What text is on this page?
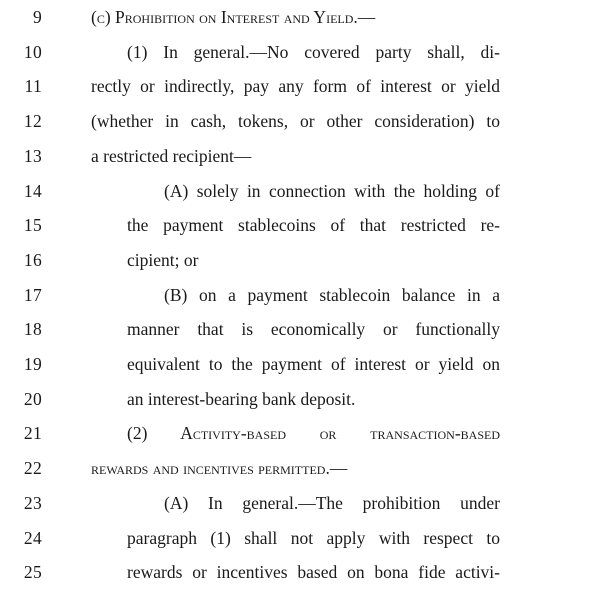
9	(c) Prohibition on Interest and Yield.—
10	(1) In general.—No covered party shall, di-
11	rectly or indirectly, pay any form of interest or yield
12	(whether in cash, tokens, or other consideration) to
13	a restricted recipient—
14	(A) solely in connection with the holding of
15	the payment stablecoins of that restricted re-
16	cipient; or
17	(B) on a payment stablecoin balance in a
18	manner that is economically or functionally
19	equivalent to the payment of interest or yield on
20	an interest-bearing bank deposit.
21	(2) Activity-based or transaction-based
22	rewards and incentives permitted.—
23	(A) In general.—The prohibition under
24	paragraph (1) shall not apply with respect to
25	rewards or incentives based on bona fide activi-
